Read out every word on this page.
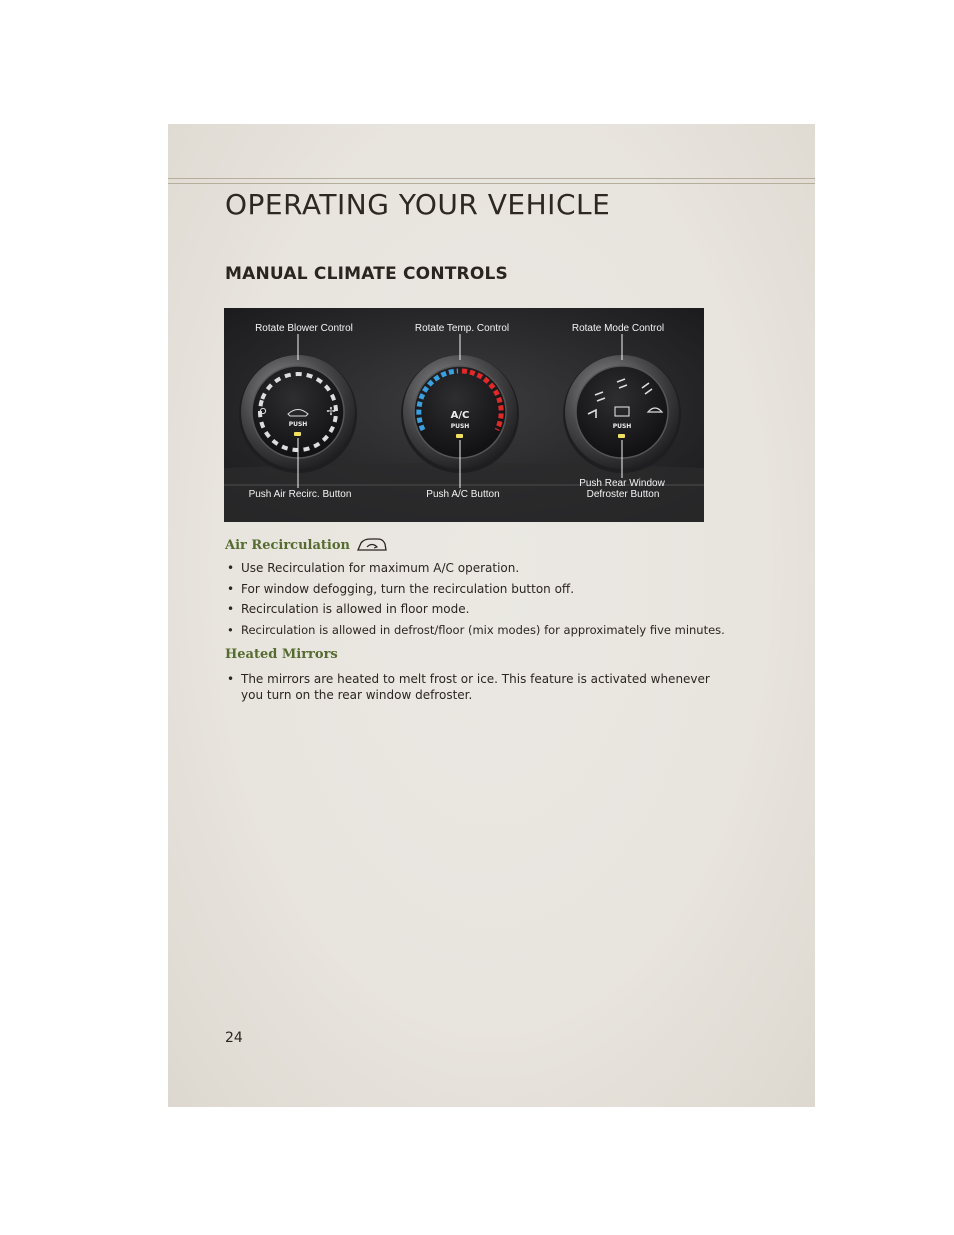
OPERATING YOUR VEHICLE
MANUAL CLIMATE CONTROLS
✢
PUSH
A/C
PUSH	PUSH
Rotate Blower Control	Rotate Temp. Control	Rotate Mode Control
Push Air Recirc. Button	Push A/C Button
Push Rear Window
Defroster Button
Air Recirculation
• Use Recirculation for maximum A/C operation.
• For window defogging, turn the recirculation button off.
• Recirculation is allowed in floor mode.
• Recirculation is allowed in defrost/floor (mix modes) for approximately five minutes.
Heated Mirrors
• The mirrors are heated to melt frost or ice. This feature is activated whenever you turn on the rear window defroster.
24
